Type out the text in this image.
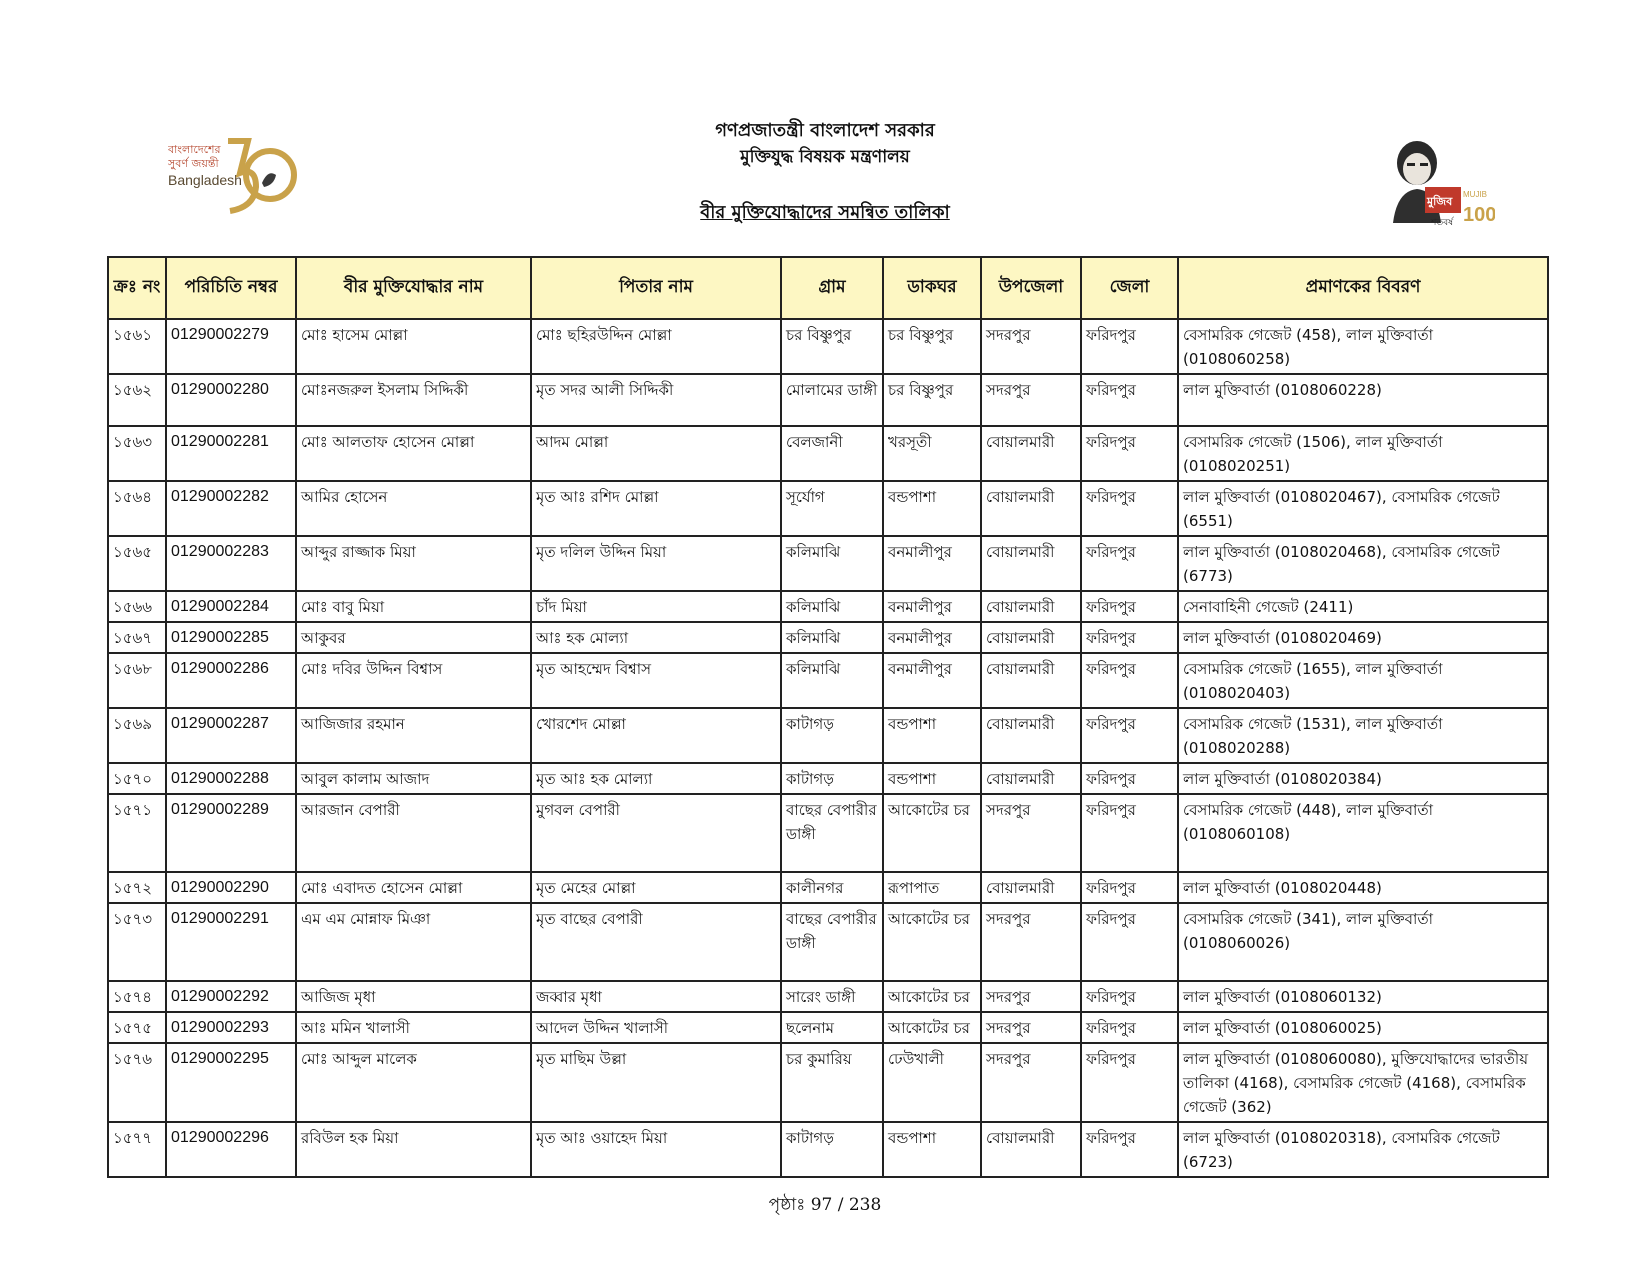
বাংলাদেশের
সুবর্ণ জয়ন্তী
Bangladesh
MUJIB
100
মুজিব
শতবর্ষ
গণপ্রজাতন্ত্রী বাংলাদেশ সরকার
মুক্তিযুদ্ধ বিষয়ক মন্ত্রণালয়
বীর মুক্তিযোদ্ধাদের সমন্বিত তালিকা
ক্রঃ নং	পরিচিতি নম্বর	বীর মুক্তিযোদ্ধার নাম	পিতার নাম	গ্রাম	ডাকঘর	উপজেলা	জেলা	প্রমাণকের বিবরণ
১৫৬১	01290002279	মোঃ হাসেম মোল্লা	মোঃ ছহিরউদ্দিন মোল্লা	চর বিষ্ণুপুর	চর বিষ্ণুপুর	সদরপুর	ফরিদপুর	বেসামরিক গেজেট (458), লাল মুক্তিবার্তা (0108060258)
১৫৬২	01290002280	মোঃনজরুল ইসলাম সিদ্দিকী	মৃত সদর আলী সিদ্দিকী	মোলামের ডাঙ্গী	চর বিষ্ণুপুর	সদরপুর	ফরিদপুর	লাল মুক্তিবার্তা (0108060228)
১৫৬৩	01290002281	মোঃ আলতাফ হোসেন মোল্লা	আদম মোল্লা	বেলজানী	খরসূতী	বোয়ালমারী	ফরিদপুর	বেসামরিক গেজেট (1506), লাল মুক্তিবার্তা (0108020251)
১৫৬৪	01290002282	আমির হোসেন	মৃত আঃ রশিদ মোল্লা	সূর্যোগ	বন্ডপাশা	বোয়ালমারী	ফরিদপুর	লাল মুক্তিবার্তা (0108020467), বেসামরিক গেজেট (6551)
১৫৬৫	01290002283	আব্দুর রাজ্জাক মিয়া	মৃত দলিল উদ্দিন মিয়া	কলিমাঝি	বনমালীপুর	বোয়ালমারী	ফরিদপুর	লাল মুক্তিবার্তা (0108020468), বেসামরিক গেজেট (6773)
১৫৬৬	01290002284	মোঃ বাবু মিয়া	চাঁদ মিয়া	কলিমাঝি	বনমালীপুর	বোয়ালমারী	ফরিদপুর	সেনাবাহিনী গেজেট (2411)
১৫৬৭	01290002285	আকুবর	আঃ হক মোল্যা	কলিমাঝি	বনমালীপুর	বোয়ালমারী	ফরিদপুর	লাল মুক্তিবার্তা (0108020469)
১৫৬৮	01290002286	মোঃ দবির উদ্দিন বিশ্বাস	মৃত আহম্মেদ বিশ্বাস	কলিমাঝি	বনমালীপুর	বোয়ালমারী	ফরিদপুর	বেসামরিক গেজেট (1655), লাল মুক্তিবার্তা (0108020403)
১৫৬৯	01290002287	আজিজার রহমান	খোরশেদ মোল্লা	কাটাগড়	বন্ডপাশা	বোয়ালমারী	ফরিদপুর	বেসামরিক গেজেট (1531), লাল মুক্তিবার্তা (0108020288)
১৫৭০	01290002288	আবুল কালাম আজাদ	মৃত আঃ হক মোল্যা	কাটাগড়	বন্ডপাশা	বোয়ালমারী	ফরিদপুর	লাল মুক্তিবার্তা (0108020384)
১৫৭১	01290002289	আরজান বেপারী	মুগবল বেপারী	বাছের বেপারীর ডাঙ্গী	আকোটের চর	সদরপুর	ফরিদপুর	বেসামরিক গেজেট (448), লাল মুক্তিবার্তা (0108060108)
১৫৭২	01290002290	মোঃ এবাদত হোসেন মোল্লা	মৃত মেহের মোল্লা	কালীনগর	রূপাপাত	বোয়ালমারী	ফরিদপুর	লাল মুক্তিবার্তা (0108020448)
১৫৭৩	01290002291	এম এম মোন্নাফ মিঞা	মৃত বাছের বেপারী	বাছের বেপারীর ডাঙ্গী	আকোটের চর	সদরপুর	ফরিদপুর	বেসামরিক গেজেট (341), লাল মুক্তিবার্তা (0108060026)
১৫৭৪	01290002292	আজিজ মৃধা	জব্বার মৃধা	সারেং ডাঙ্গী	আকোটের চর	সদরপুর	ফরিদপুর	লাল মুক্তিবার্তা (0108060132)
১৫৭৫	01290002293	আঃ মমিন খালাসী	আদেল উদ্দিন খালাসী	ছলেনাম	আকোটের চর	সদরপুর	ফরিদপুর	লাল মুক্তিবার্তা (0108060025)
১৫৭৬	01290002295	মোঃ আব্দুল মালেক	মৃত মাছিম উল্লা	চর কুমারিয়	ঢেউখালী	সদরপুর	ফরিদপুর	লাল মুক্তিবার্তা (0108060080), মুক্তিযোদ্ধাদের ভারতীয় তালিকা (4168), বেসামরিক গেজেট (4168), বেসামরিক গেজেট (362)
১৫৭৭	01290002296	রবিউল হক মিয়া	মৃত আঃ ওয়াহেদ মিয়া	কাটাগড়	বন্ডপাশা	বোয়ালমারী	ফরিদপুর	লাল মুক্তিবার্তা (0108020318), বেসামরিক গেজেট (6723)
পৃষ্ঠাঃ 97 / 238
